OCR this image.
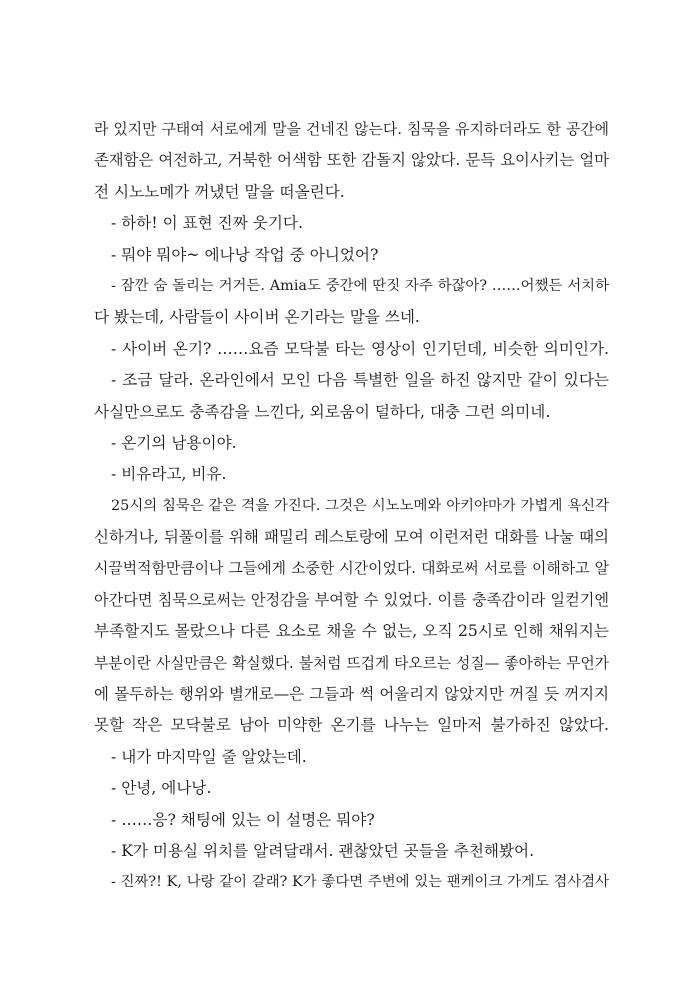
라 있지만 구태여 서로에게 말을 건네진 않는다. 침묵을 유지하더라도 한 공간에
존재함은 여전하고, 거북한 어색함 또한 감돌지 않았다. 문득 요이사키는 얼마
전 시노노메가 꺼냈던 말을 떠올린다.
- 하하! 이 표현 진짜 웃기다.
- 뭐야 뭐야~ 에나낭 작업 중 아니었어?
- 잠깐 숨 돌리는 거거든. Amia도 중간에 딴짓 자주 하잖아? ……어쨌든 서치하
다 봤는데, 사람들이 사이버 온기라는 말을 쓰네.
- 사이버 온기? ……요즘 모닥불 타는 영상이 인기던데, 비슷한 의미인가.
- 조금 달라. 온라인에서 모인 다음 특별한 일을 하진 않지만 같이 있다는
사실만으로도 충족감을 느낀다, 외로움이 덜하다, 대충 그런 의미네.
- 온기의 남용이야.
- 비유라고, 비유.
25시의 침묵은 같은 격을 가진다. 그것은 시노노메와 아키야마가 가볍게 욕신각
신하거나, 뒤풀이를 위해 패밀리 레스토랑에 모여 이런저런 대화를 나눌 때의
시끌벅적함만큼이나 그들에게 소중한 시간이었다. 대화로써 서로를 이해하고 알
아간다면 침묵으로써는 안정감을 부여할 수 있었다. 이를 충족감이라 일컫기엔
부족할지도 몰랐으나 다른 요소로 채울 수 없는, 오직 25시로 인해 채워지는
부분이란 사실만큼은 확실했다. 불처럼 뜨겁게 타오르는 성질— 좋아하는 무언가
에 몰두하는 행위와 별개로—은 그들과 썩 어울리지 않았지만 꺼질 듯 꺼지지
못할 작은 모닥불로 남아 미약한 온기를 나누는 일마저 불가하진 않았다.
- 내가 마지막일 줄 알았는데.
- 안녕, 에나낭.
- ……응? 채팅에 있는 이 설명은 뭐야?
- K가 미용실 위치를 알려달래서. 괜찮았던 곳들을 추천해봤어.
- 진짜?! K, 나랑 같이 갈래? K가 좋다면 주변에 있는 팬케이크 가게도 겸사겸사
